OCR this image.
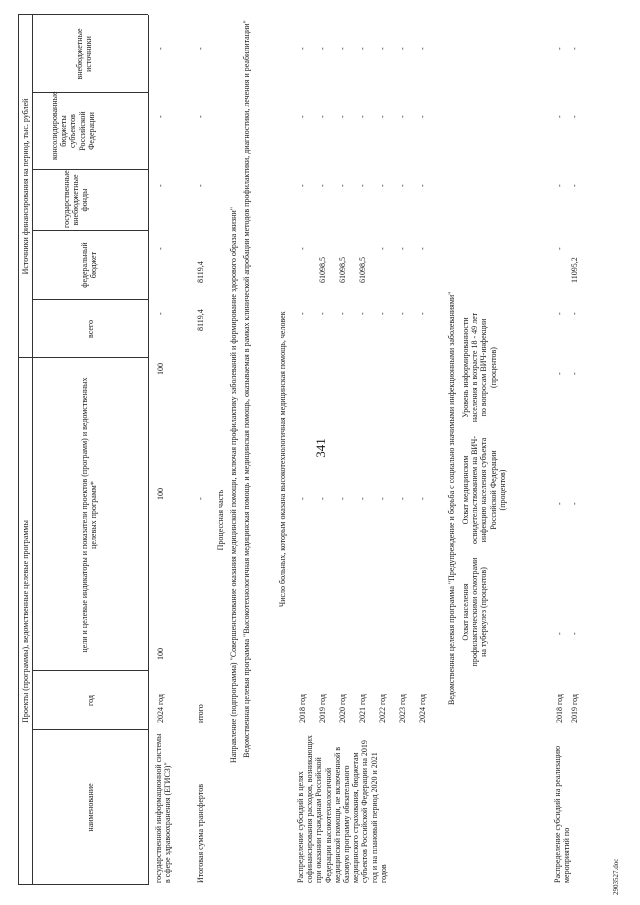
341
Проекты (программы), ведомственные целевые программы
Источники финансирования на период, тыс. рублей
наименование
год
цели и целевые индикаторы и показатели проектов (программ) и ведомственных целевых программ*
всего
федеральный бюджет
государственные внебюджетные фонды
консолидированные бюджеты субъектов Российской Федерации
внебюджетные источники
государственной информационной системы в сфере здравоохранения (ЕГИСЗ)"
2024 год
100
100
100
-
-
-
-
-
Итоговая сумма трансфертов
итого
-
8119,4
8119,4
-
-
-
Процессная часть Направление (подпрограмма) "Совершенствование оказания медицинской помощи, включая профилактику заболеваний и формирование здорового образа жизни" Ведомственная целевая программа "Высокотехнологичная медицинская помощь и медицинская помощь, оказываемая в рамках клинической апробации методов профилактики, диагностики, лечения и реабилитации"	Число больных, которым оказана высокотехнологичная медицинская помощь, человек
Распределение субсидий в целях софинансирования расходов, возникающих при оказании гражданам Российской Федерации высокотехнологичной медицинской помощи, не включенной в базовую программу обязательного медицинского страхования, бюджетам субъектов Российской Федерации на 2019 год и на плановый период 2020 и 2021 годов
2018 год
-
-
-
-
-
-
2019 год
-
-
61098,5
-
-
-
2020 год
-
-
61098,5
-
-
-
2021 год
-
-
61098,5
-
-
-
2022 год
-
-
-
-
-
-
2023 год
-
-
-
-
-
-
2024 год
-
-
-
-
-
-
Ведомственная целевая программа "Предупреждение и борьба с социально значимыми инфекционными заболеваниями" Охват населения профилактическими осмотрами на туберкулез (процентов)
Охват медицинским освидетельствованием на ВИЧ-инфекцию населения субъекта Российской Федерации (процентов)
Уровень информированности населения в возрасте 18 - 49 лет по вопросам ВИЧ-инфекции (процентов)
Распределение субсидий на реализацию мероприятий по
2018 год
-
-
-
-
-
-
-
-
2019 год
-
-
-
-
11095,2
-
-
-
2903527.doc
